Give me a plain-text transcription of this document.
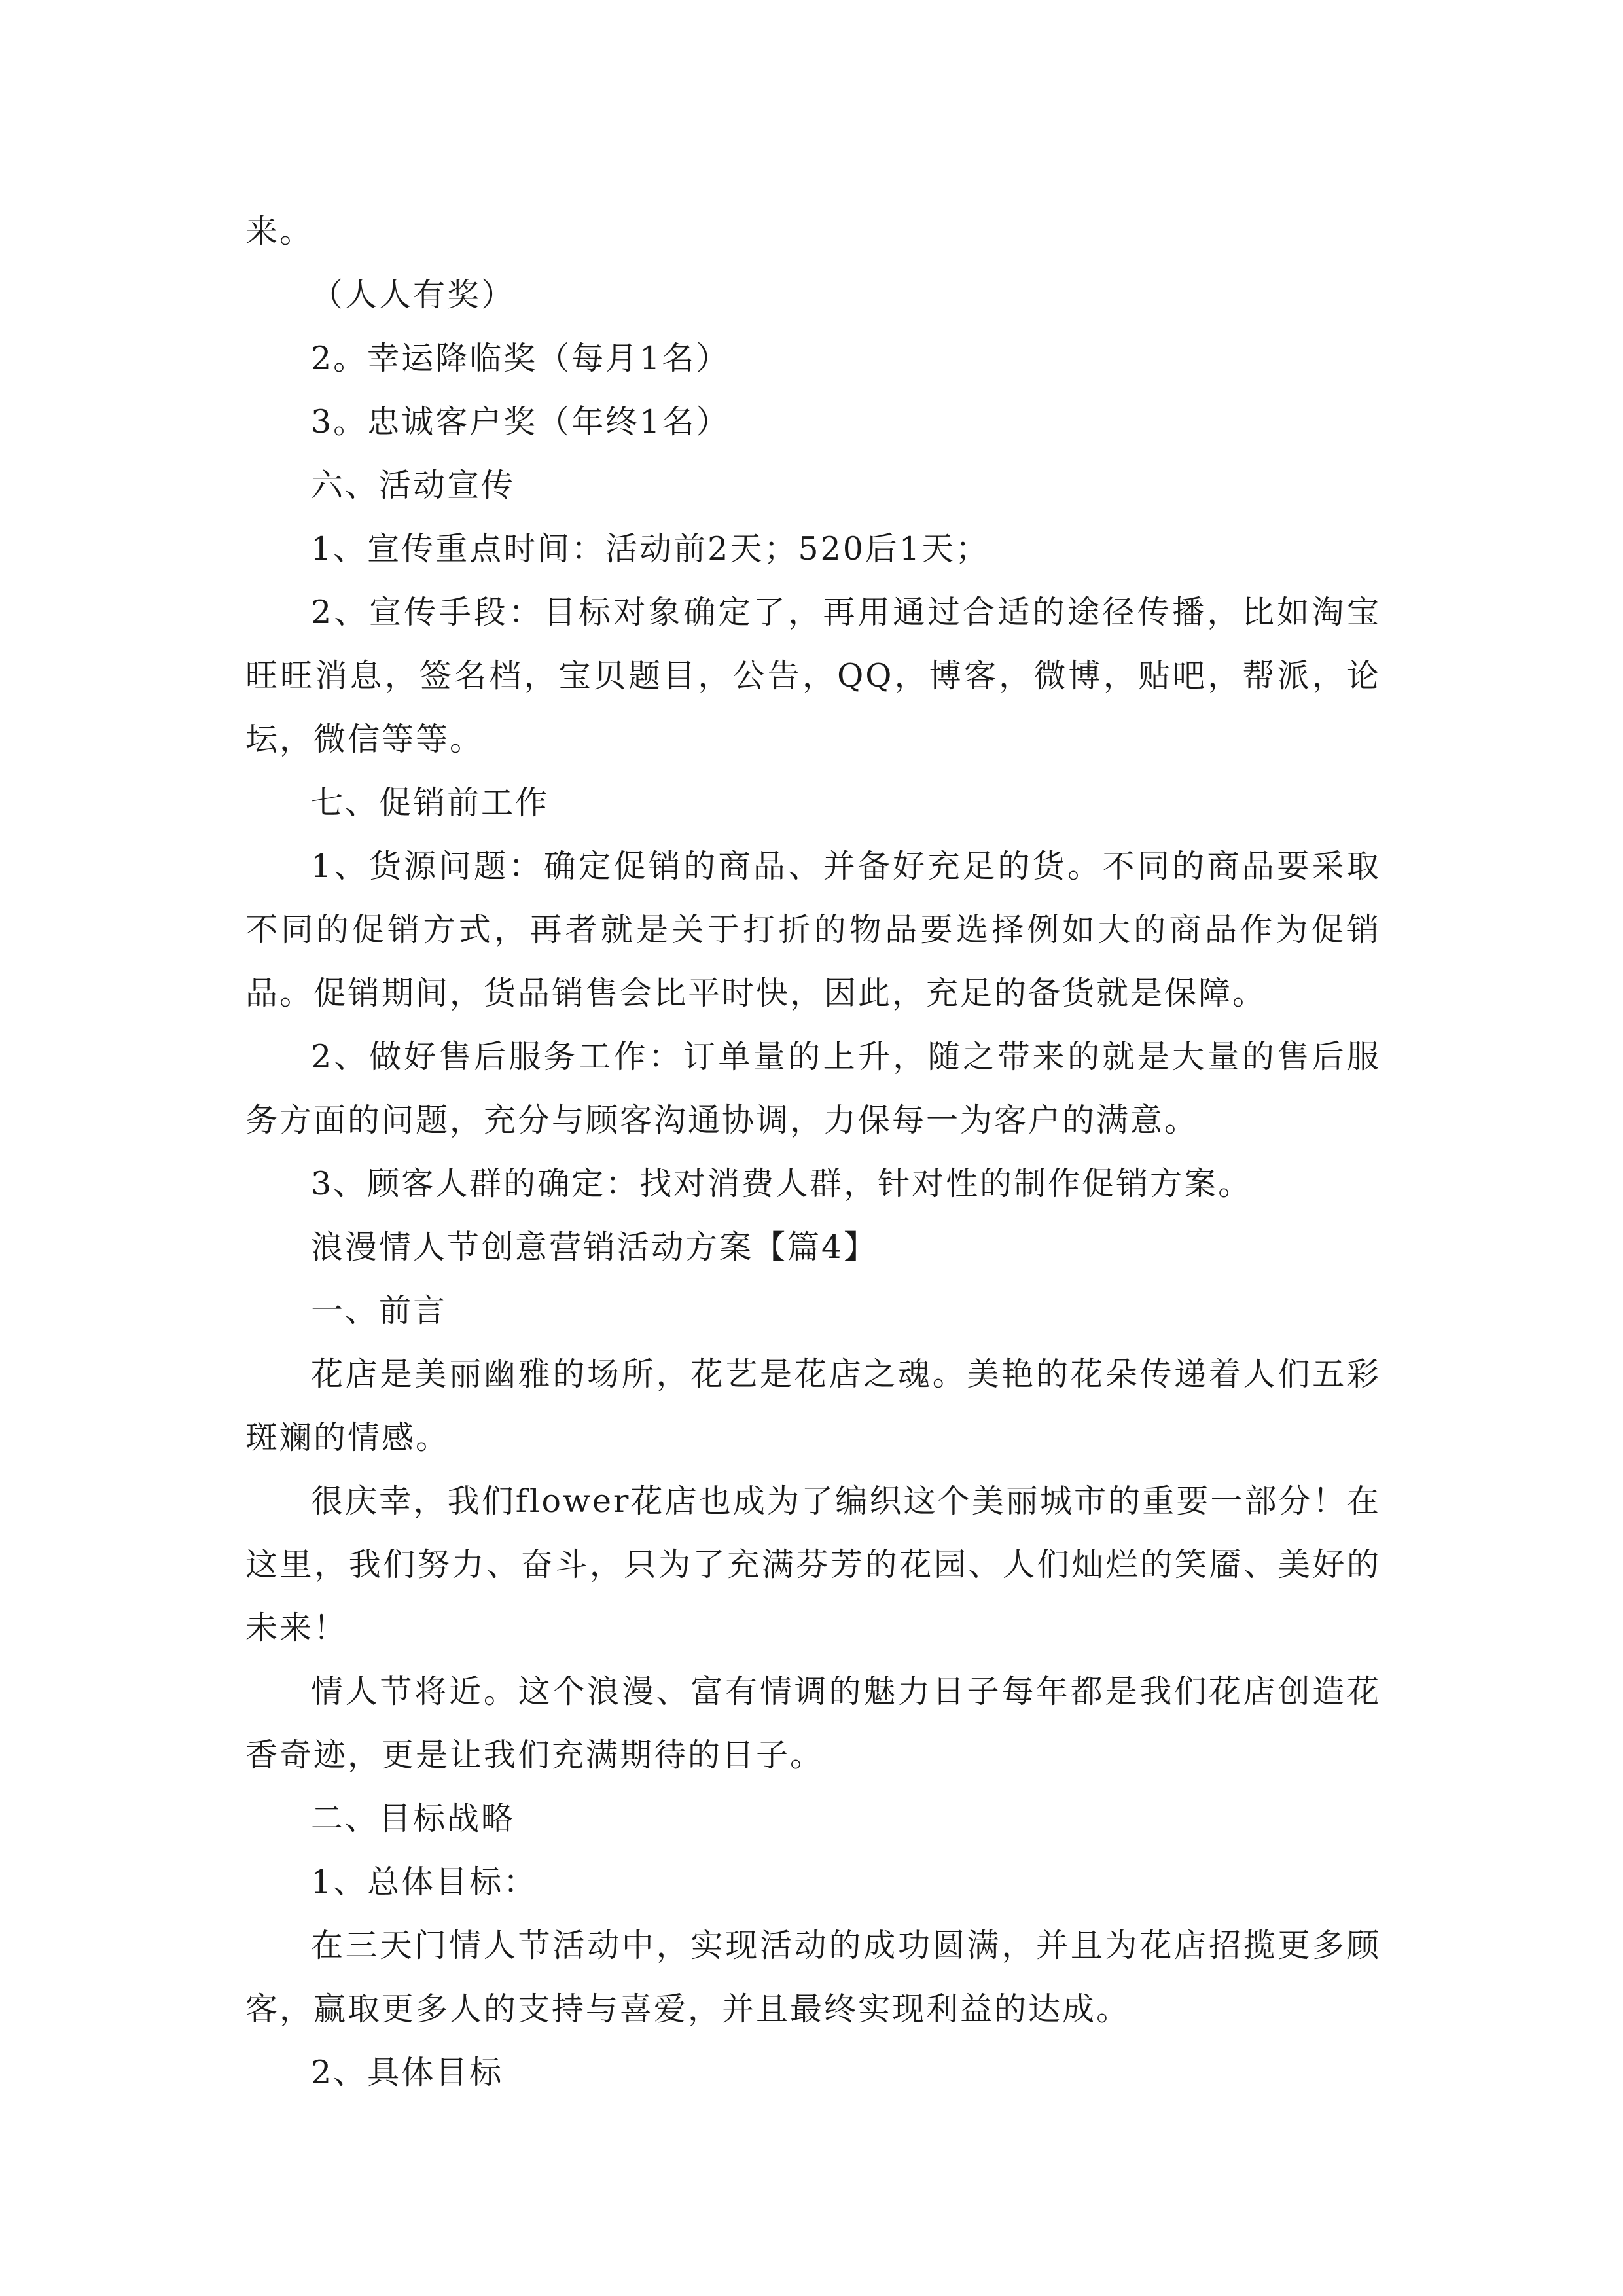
来。

（人人有奖）

2。幸运降临奖（每月1名）

3。忠诚客户奖（年终1名）

六、活动宣传

1、宣传重点时间：活动前2天；520后1天；

2、宣传手段：目标对象确定了，再用通过合适的途径传播，比如淘宝旺旺消息，签名档，宝贝题目，公告，QQ，博客，微博，贴吧，帮派，论坛，微信等等。

七、促销前工作

1、货源问题：确定促销的商品、并备好充足的货。不同的商品要采取不同的促销方式，再者就是关于打折的物品要选择例如大的商品作为促销品。促销期间，货品销售会比平时快，因此，充足的备货就是保障。

2、做好售后服务工作：订单量的上升，随之带来的就是大量的售后服务方面的问题，充分与顾客沟通协调，力保每一为客户的满意。

3、顾客人群的确定：找对消费人群，针对性的制作促销方案。

浪漫情人节创意营销活动方案【篇4】

一、前言

花店是美丽幽雅的场所，花艺是花店之魂。美艳的花朵传递着人们五彩斑斓的情感。

很庆幸，我们flower花店也成为了编织这个美丽城市的重要一部分！在这里，我们努力、奋斗，只为了充满芬芳的花园、人们灿烂的笑靥、美好的未来！

情人节将近。这个浪漫、富有情调的魅力日子每年都是我们花店创造花香奇迹，更是让我们充满期待的日子。

二、目标战略

1、总体目标：

在三天门情人节活动中，实现活动的成功圆满，并且为花店招揽更多顾客，赢取更多人的支持与喜爱，并且最终实现利益的达成。

2、具体目标
